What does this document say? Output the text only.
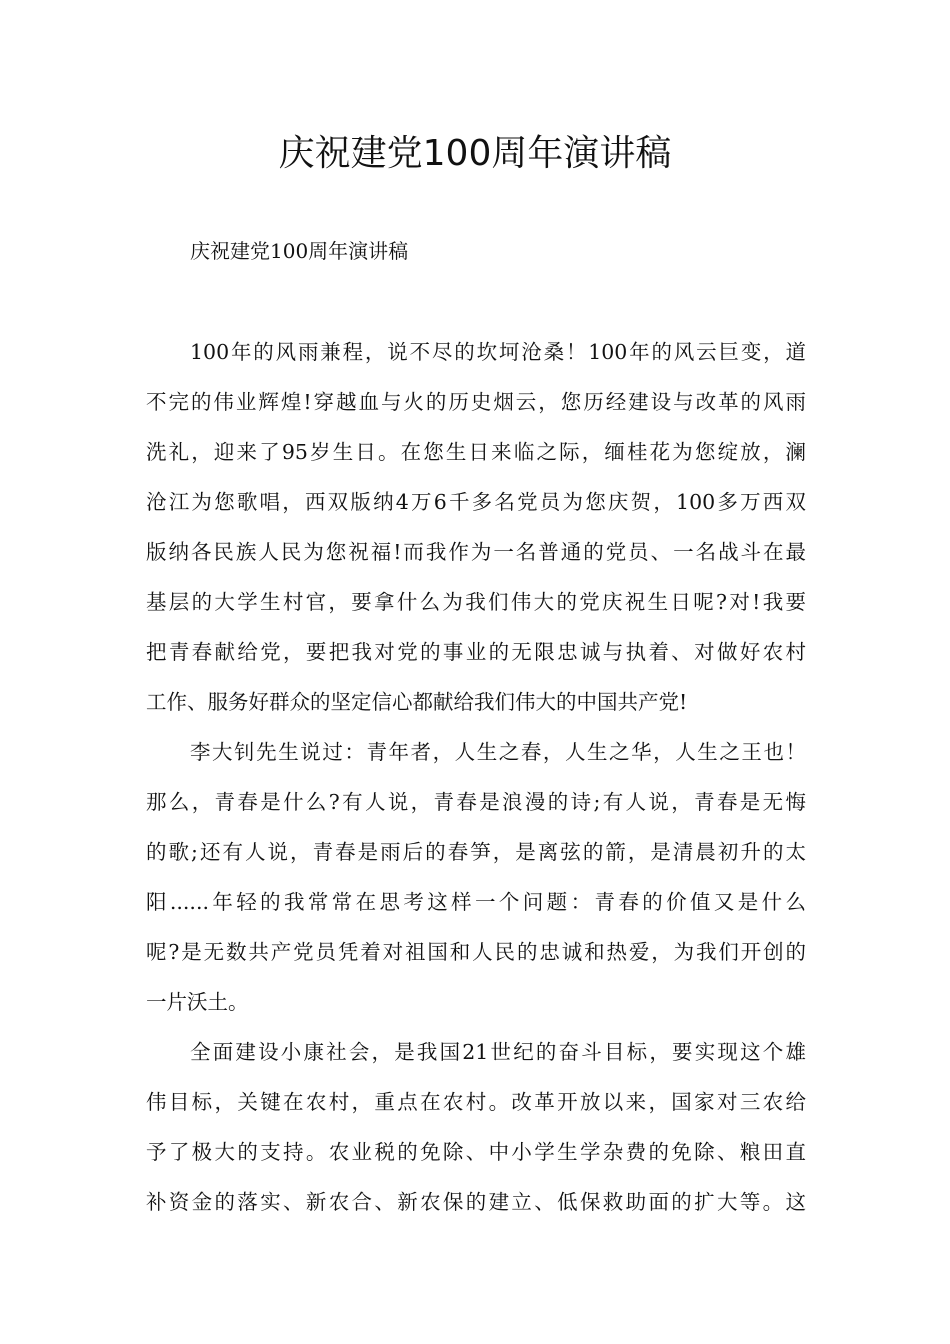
庆祝建党100周年演讲稿

庆祝建党100周年演讲稿

100年的风雨兼程，说不尽的坎坷沧桑！100年的风云巨变，道

不完的伟业辉煌!穿越血与火的历史烟云，您历经建设与改革的风雨

洗礼，迎来了95岁生日。在您生日来临之际，缅桂花为您绽放，澜

沧江为您歌唱，西双版纳4万6千多名党员为您庆贺，100多万西双

版纳各民族人民为您祝福!而我作为一名普通的党员、一名战斗在最

基层的大学生村官，要拿什么为我们伟大的党庆祝生日呢?对!我要

把青春献给党，要把我对党的事业的无限忠诚与执着、对做好农村

工作、服务好群众的坚定信心都献给我们伟大的中国共产党!

李大钊先生说过：青年者，人生之春，人生之华，人生之王也！

那么，青春是什么?有人说，青春是浪漫的诗;有人说，青春是无悔

的歌;还有人说，青春是雨后的春笋，是离弦的箭，是清晨初升的太

阳......年轻的我常常在思考这样一个问题：青春的价值又是什么

呢?是无数共产党员凭着对祖国和人民的忠诚和热爱，为我们开创的

一片沃土。

全面建设小康社会，是我国21世纪的奋斗目标，要实现这个雄

伟目标，关键在农村，重点在农村。改革开放以来，国家对三农给

予了极大的支持。农业税的免除、中小学生学杂费的免除、粮田直

补资金的落实、新农合、新农保的建立、低保救助面的扩大等。这
